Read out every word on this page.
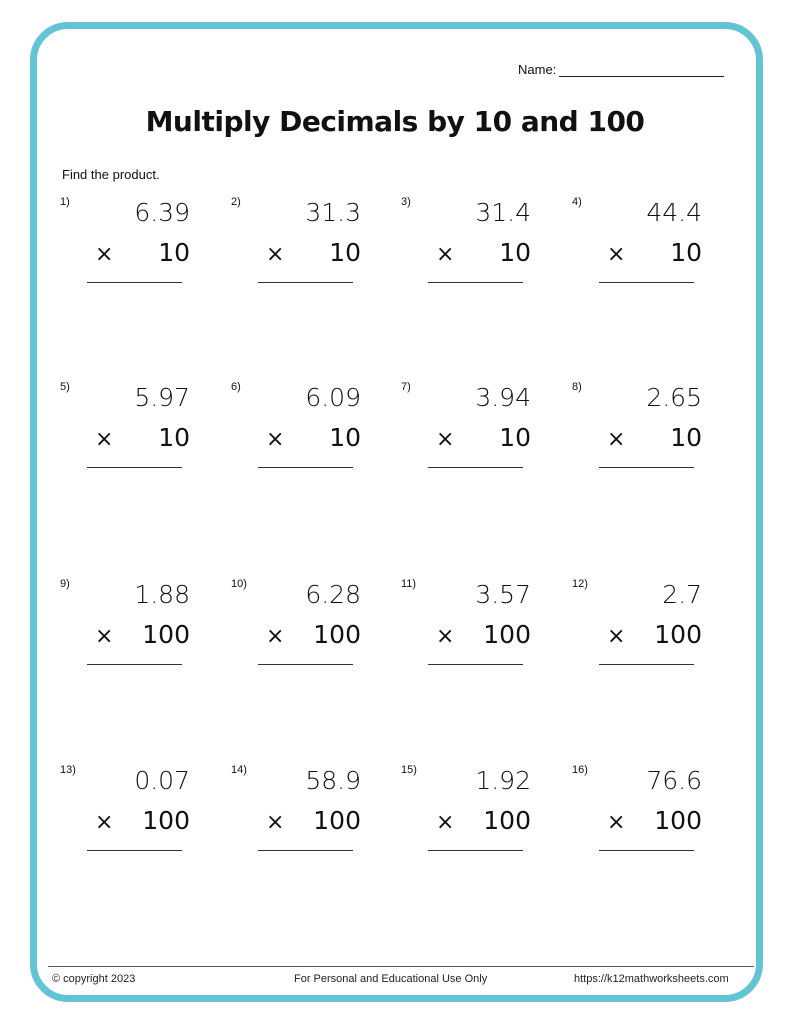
Name:
Multiply Decimals by 10 and 100
Find the product.
1)	6.39
× 10
2)	31.3
× 10
3)	31.4
× 10
4)	44.4
× 10
5)	5.97
× 10
6)	6.09
× 10
7)	3.94
× 10
8)	2.65
× 10
9)	1.88
× 100
10) 6.28
× 100
11) 3.57
× 100
12)	2.7
× 100
13) 0.07
× 100
14) 58.9
× 100
15) 1.92
× 100
16) 76.6
× 100
© copyright 2023	For Personal and Educational Use Only	https://k12mathworksheets.com
